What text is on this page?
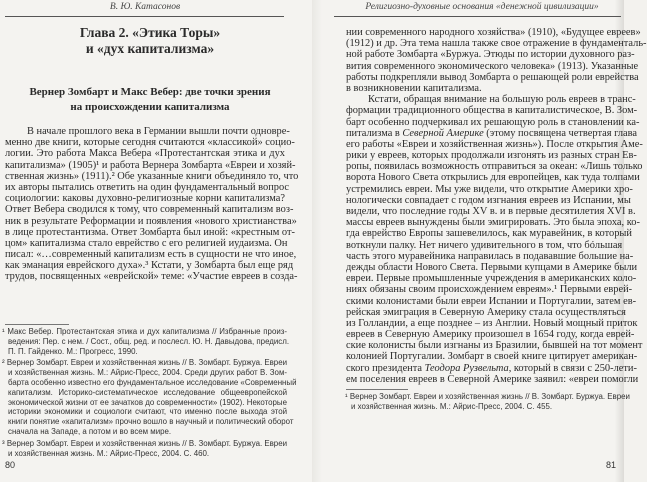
В. Ю. Катасонов
Глава 2. «Этика Торы»
и «дух капитализма»
Вернер Зомбарт и Макс Вебер: две точки зрения
на происхождении капитализма
В начале прошлого века в Германии вышли почти одновре-
менно две книги, которые сегодня считаются «классикой» социо-
логии. Это работа Макса Вебера «Протестантская этика и дух
капитализма» (1905)¹ и работа Вернера Зомбарта «Евреи и хозяй-
ственная жизнь» (1911).² Обе указанные книги объединяло то, что
их авторы пытались ответить на один фундаментальный вопрос
социологии: каковы духовно-религиозные корни капитализма?
Ответ Вебера сводился к тому, что современный капитализм воз-
ник в результате Реформации и появления «нового христианства»
в лице протестантизма. Ответ Зомбарта был иной: «крестным от-
цом» капитализма стало еврейство с его религией иудаизма. Он
писал: «…современный капитализм есть в сущности не что иное,
как эманация еврейского духа».³ Кстати, у Зомбарта был еще ряд
трудов, посвященных «еврейской» теме: «Участие евреев в созда-
¹ Макс Вебер. Протестантская этика и дух капитализма // Избранные произ-
ведения: Пер. с нем. / Сост., общ. ред. и послесл. Ю. Н. Давыдова, предисл.
П. П. Гайденко. М.: Прогресс, 1990.
² Вернер Зомбарт. Евреи и хозяйственная жизнь // В. Зомбарт. Буржуа. Евреи
и хозяйственная жизнь. М.: Айрис-Пресс, 2004. Среди других работ В. Зом-
барта особенно известно его фундаментальное исследование «Современный
капитализм. Историко-систематическое исследование общеевропейской
экономической жизни от ее зачатков до современности» (1902). Некоторые
историки экономики и социологи считают, что именно после выхода этой
книги понятие «капитализм» прочно вошло в научный и политический оборот
сначала на Западе, а потом и во всем мире.
³ Вернер Зомбарт. Евреи и хозяйственная жизнь // В. Зомбарт. Буржуа. Евреи
и хозяйственная жизнь. М.: Айрис-Пресс, 2004. С. 460.
80
Религиозно-духовные основания «денежной цивилизации»
нии современного народного хозяйства» (1910), «Будущее евреев»
(1912) и др. Эта тема нашла также свое отражение в фундаменталь-
ной работе Зомбарта «Буржуа. Этюды по истории духовного раз-
вития современного экономического человека» (1913). Указанные
работы подкрепляли вывод Зомбарта о решающей роли еврейства
в возникновении капитализма.
Кстати, обращая внимание на большую роль евреев в транс-
формации традиционного общества в капиталистическое, В. Зом-
барт особенно подчеркивал их решающую роль в становлении ка-
питализма в Северной Америке (этому посвящена четвертая глава
его работы «Евреи и хозяйственная жизнь»). После открытия Аме-
рики у евреев, которых продолжали изгонять из разных стран Ев-
ропы, появилась возможность отправиться за океан: «Лишь только
ворота Нового Света открылись для европейцев, как туда толпами
устремились евреи. Мы уже видели, что открытие Америки хро-
нологически совпадает с годом изгнания евреев из Испании, мы
видели, что последние годы XV в. и в первые десятилетия XVI в.
массы евреев вынуждены были эмигрировать. Это была эпоха, ко-
гда еврейство Европы зашевелилось, как муравейник, в который
воткнули палку. Нет ничего удивительного в том, что бóльшая
часть этого муравейника направилась в подававшие большие на-
дежды области Нового Света. Первыми купцами в Америке были
евреи. Первые промышленные учреждения в американских коло-
ниях обязаны своим происхождением евреям».¹ Первыми еврей-
скими колонистами были евреи Испании и Португалии, затем ев-
рейская эмиграция в Северную Америку стала осуществляться
из Голландии, а еще позднее – из Англии. Новый мощный приток
евреев в Северную Америку произошел в 1654 году, когда еврей-
ские колонисты были изгнаны из Бразилии, бывшей на тот момент
колонией Португалии. Зомбарт в своей книге цитирует американ-
ского президента Теодора Рузвельта, который в связи с 250-лети-
ем поселения евреев в Северной Америке заявил: «евреи помогли
¹ Вернер Зомбарт. Евреи и хозяйственная жизнь // В. Зомбарт. Буржуа. Евреи
и хозяйственная жизнь. М.: Айрис-Пресс, 2004. С. 455.
81
